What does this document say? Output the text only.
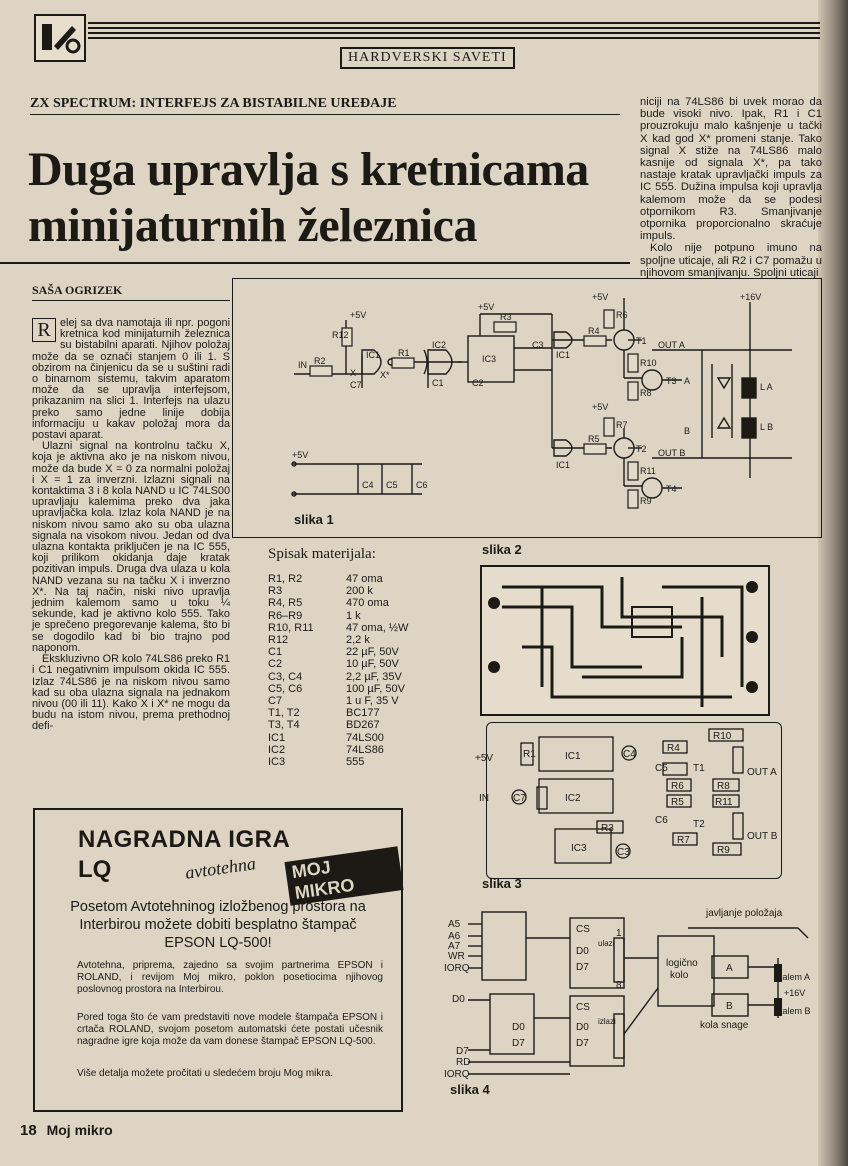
HARDVERSKI SAVETI
ZX SPECTRUM: INTERFEJS ZA BISTABILNE UREĐAJE
Duga upravlja s kretnicama
minijaturnih železnica

niciji na 74LS86 bi uvek morao da bude visoki nivo. Ipak, R1 i C1 prouzrokuju malo kašnjenje u tački X kad god X* promeni stanje. Tako signal X stiže na 74LS86 malo kasnije od signala X*, pa tako nastaje kratak upravljački impuls za IC 555. Dužina impulsa koji upravlja kalemom može da se podesi otpornikom R3. Smanjivanje otpornika proporcionalno skraćuje impuls.

Kolo nije potpuno imuno na spoljne uticaje, ali R2 i C7 pomažu u njihovom smanjivanju. Spoljni uticaji

SAŠA OGRIZEK

R elej sa dva namotaja ili npr. pogoni kretnica kod minijaturnih železnica su bistabilni aparati. Njihov položaj može da se označi stanjem 0 ili 1. S obzirom na činjenicu da se u suštini radi o binarnom sistemu, takvim aparatom može da se upravlja interfejsom, prikazanim na slici 1. Interfejs na ulazu preko samo jedne linije dobija informaciju u kakav položaj mora da postavi aparat.

Ulazni signal na kontrolnu tačku X, koja je aktivna ako je na niskom nivou, može da bude X = 0 za normalni položaj i X = 1 za inverzni. Izlazni signali na kontaktima 3 i 8 kola NAND u IC 74LS00 upravljaju kalemima preko dva jaka upravljačka kola. Izlaz kola NAND je na niskom nivou samo ako su oba ulazna signala na visokom nivou. Jedan od dva ulazna kontakta priključen je na IC 555, koji prilikom okidanja daje kratak pozitivan impuls. Druga dva ulaza u kola NAND vezana su na tačku X i inverzno X*. Na taj način, niski nivo upravlja jednim kalemom samo u toku ¼ sekunde, kad je aktivno kolo 555. Tako je sprečeno pregorevanje kalema, što bi se dogodilo kad bi bio trajno pod naponom.

Ekskluzivno OR kolo 74LS86 preko R1 i C1 negativnim impulsom okida IC 555. Izlaz 74LS86 je na niskom nivou samo kad su oba ulazna signala na jednakom nivou (00 ili 11). Kako X i X* ne mogu da budu na istom nivou, prema prethodnoj defi-

+5V
+5V
+5V
+5V
+5V
+16V
IN
R1
R2
R3
R4
R5
R6
R7
R8
R9
R10
R11
R12
IC1	IC1
IC1
IC2
IC3
C1	C2
C3
C4 C5 C6
C7
T1
T2
T3
T4
OUT A
OUT B
L A
L B
A
B
X	X*
slika 1
Spisak materijala:
R1, R2	47 oma
R3	200 k
R4, R5	470 oma
R6–R9	1 k
R10, R11	47 oma, ½W
R12	2,2 k
C1	22 µF, 50V
C2	10 µF, 50V
C3, C4	2,2 µF, 35V
C5, C6	100 µF, 50V
C7	1 u F, 35 V
T1, T2	BC177
T3, T4	BD267
IC1	74LS00
IC2	74LS86
IC3	555
slika 2
+5V
IN
IC1
IC2
IC3
C4
C7
C5
C6
C3
R1
R3
R4
R6
R5
R7
R8
R9
R10
R11
T1
T2
OUT A
OUT B
slika 3
A5
A6
A7
WR
IORQ
D0
D7
RD
IORQ
CS
CS
D0
D7
D0
D7
D0
D7
ulazi
izlazi
1
8
logično
kolo
A
B
kola snage
javljanje položaja
kalem A
kalem B
+16V
slika 4
NAGRADNA IGRA
LQ	avtotehna	MOJ MIKRO
Posetom Avtotehninog izložbenog prostora na Interbirou možete dobiti besplatno štampač EPSON LQ-500!
Avtotehna, priprema, zajedno sa svojim partnerima EPSON i ROLAND, i revijom Moj mikro, poklon posetiocima njihovog poslovnog prostora na Interbirou.
Pored toga što će vam predstaviti nove modele štampača EPSON i crtača ROLAND, svojom posetom automatski ćete postati učesnik nagradne igre koja može da vam donese štampač EPSON LQ-500.
Više detalja možete pročitati u sledećem broju Mog mikra.
18 Moj mikro
